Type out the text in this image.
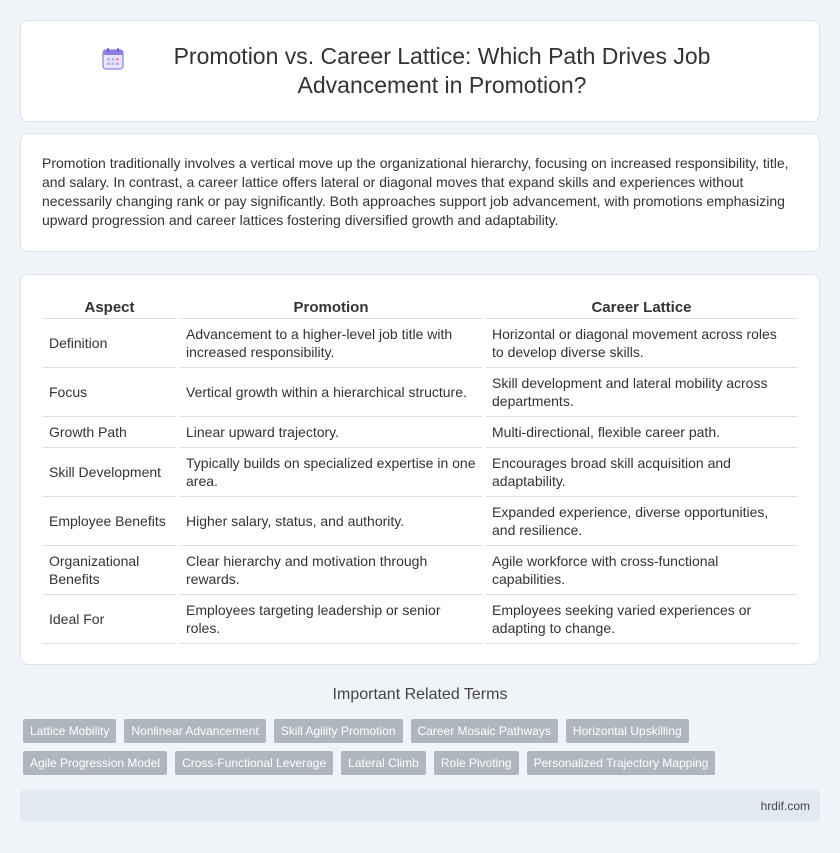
Promotion vs. Career Lattice: Which Path Drives Job Advancement in Promotion?

Promotion traditionally involves a vertical move up the organizational hierarchy, focusing on increased responsibility, title, and salary. In contrast, a career lattice offers lateral or diagonal moves that expand skills and experiences without necessarily changing rank or pay significantly. Both approaches support job advancement, with promotions emphasizing upward progression and career lattices fostering diversified growth and adaptability.

Aspect	Promotion	Career Lattice
Definition	Advancement to a higher-level job title with increased responsibility.	Horizontal or diagonal movement across roles to develop diverse skills.
Focus	Vertical growth within a hierarchical structure.	Skill development and lateral mobility across departments.
Growth Path	Linear upward trajectory.	Multi-directional, flexible career path.
Skill Development	Typically builds on specialized expertise in one area.	Encourages broad skill acquisition and adaptability.
Employee Benefits	Higher salary, status, and authority.	Expanded experience, diverse opportunities, and resilience.
Organizational Benefits	Clear hierarchy and motivation through rewards.	Agile workforce with cross-functional capabilities.
Ideal For	Employees targeting leadership or senior roles.	Employees seeking varied experiences or adapting to change.
Important Related Terms
Lattice Mobility	Nonlinear Advancement	Skill Agility Promotion	Career Mosaic Pathways	Horizontal Upskilling
Agile Progression Model	Cross-Functional Leverage	Lateral Climb	Role Pivoting	Personalized Trajectory Mapping
hrdif.com
